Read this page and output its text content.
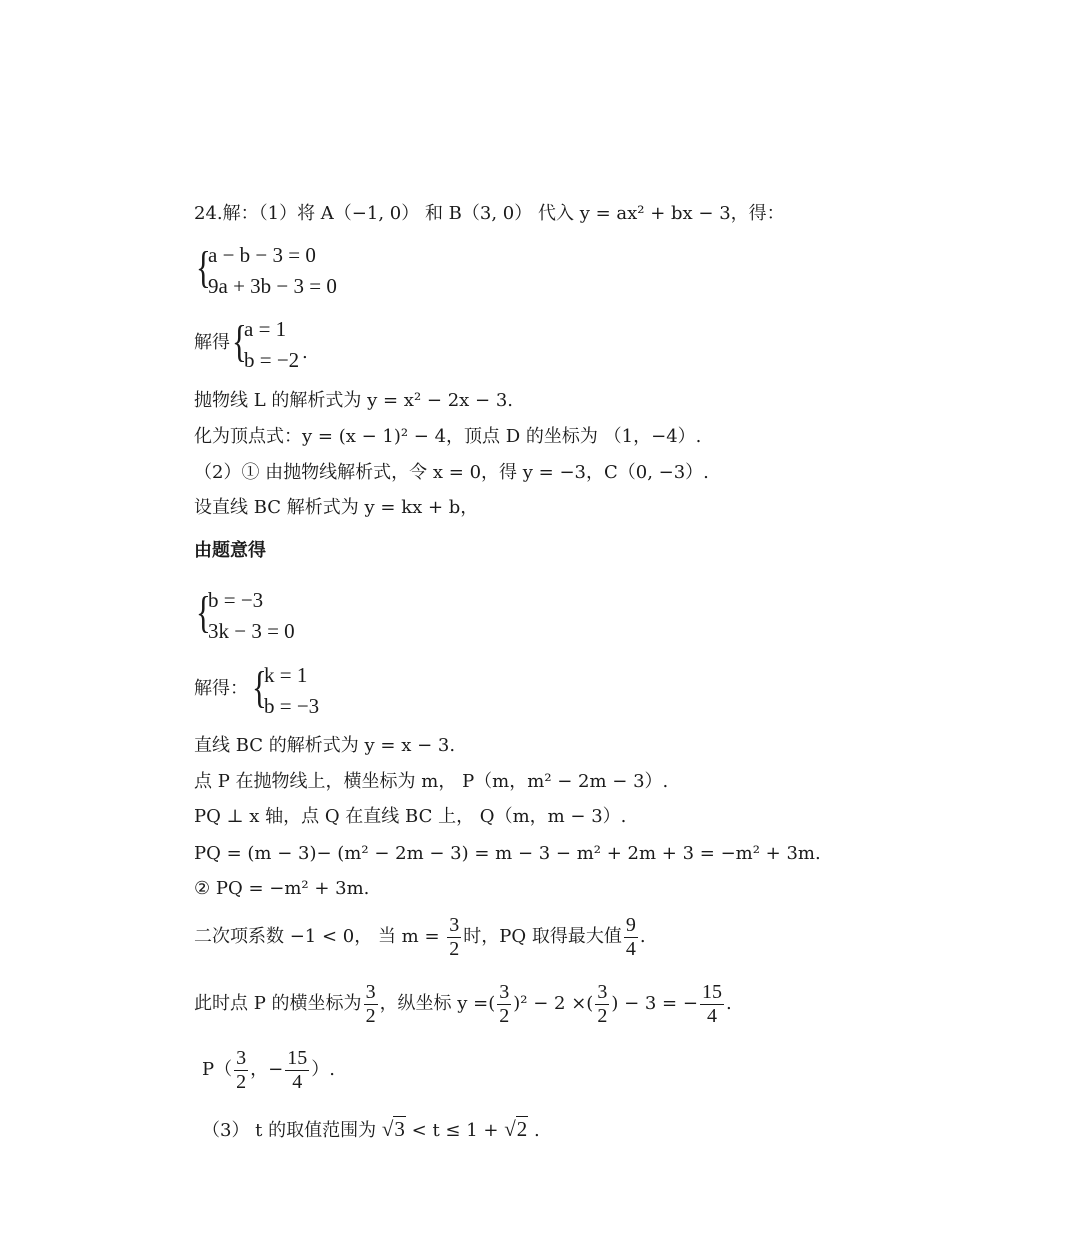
24.解：（1）将 A（−1, 0） 和 B（3, 0） 代入 y = ax² + bx − 3，得：
{
a − b − 3 = 0
9a + 3b − 3 = 0
解得 {
a = 1
b = −2 .
抛物线 L 的解析式为 y = x² − 2x − 3.
化为顶点式：y = (x − 1)² − 4，顶点 D 的坐标为 （1，−4）.
（2）① 由抛物线解析式，令 x = 0，得 y = −3，C（0, −3）.
设直线 BC 解析式为 y = kx + b，
由题意得
{
b = −3
3k − 3 = 0
解得： {
k = 1
b = −3
直线 BC 的解析式为 y = x − 3.
点 P 在抛物线上，横坐标为 m， P（m，m² − 2m − 3）.
PQ ⊥ x 轴，点 Q 在直线 BC 上， Q（m，m − 3）.
PQ = (m − 3)− (m² − 2m − 3) = m − 3 − m² + 2m + 3 = −m² + 3m.
② PQ = −m² + 3m.
二次项系数 −1 < 0， 当 $m = \frac{3}{2}$ 时，PQ 取得最大值 $\frac{9}{4}$ .
此时点 P 的横坐标为 $\frac{3}{2}$ ，纵坐标 y =( $\frac{3}{2} )^2 - 2$ ×( $\frac{3}{2}$ ) − 3 = − $\frac{15}{4}$ .
$P( \frac{3}{2}$ ，− $\frac{15}{4}$ ）.
（3） t 的取值范围为 √3 < t ≤ 1 + √2 .
